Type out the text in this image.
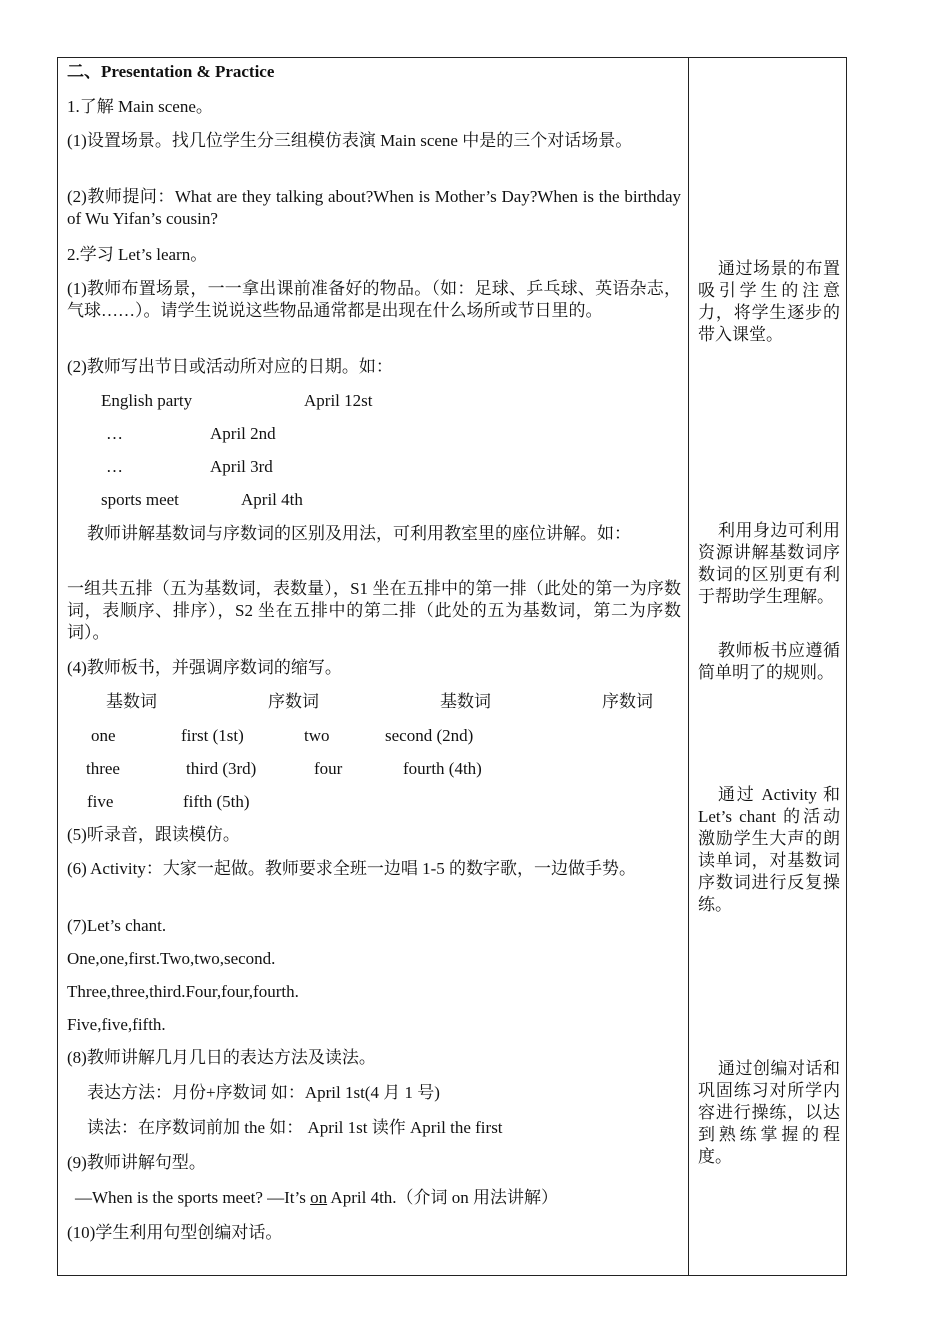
二、Presentation & Practice
1.了解 Main scene。
(1)设置场景。找几位学生分三组模仿表演 Main scene 中是的三个对话场景。
(2)教师提问：What are they talking about?When is Mother’s Day?When is the birthday of Wu Yifan’s cousin?
2.学习 Let’s learn。
(1)教师布置场景，一一拿出课前准备好的物品。（如：足球、乒乓球、英语杂志，气球……）。请学生说说这些物品通常都是出现在什么场所或节日里的。
(2)教师写出节日或活动所对应的日期。如：
English party	April 12st
…	April 2nd
…	April 3rd
sports meet	April 4th
教师讲解基数词与序数词的区别及用法，可利用教室里的座位讲解。如：
一组共五排（五为基数词，表数量），S1 坐在五排中的第一排（此处的第一为序数词，表顺序、排序），S2 坐在五排中的第二排（此处的五为基数词，第二为序数词）。
(4)教师板书，并强调序数词的缩写。
基数词	序数词	基数词	序数词
one	first (1st)	two	second (2nd)
three	third (3rd)	four	fourth (4th)
five	fifth (5th)
(5)听录音，跟读模仿。
(6) Activity：大家一起做。教师要求全班一边唱 1-5 的数字歌，一边做手势。
(7)Let’s chant.
One,one,first.Two,two,second.
Three,three,third.Four,four,fourth.
Five,five,fifth.
(8)教师讲解几月几日的表达方法及读法。
表达方法：月份+序数词 如：April 1st(4 月 1 号)
读法：在序数词前加 the 如： April 1st 读作 April the first
(9)教师讲解句型。
—When is the sports meet? —It’s on April 4th.（介词 on 用法讲解）
(10)学生利用句型创编对话。
通过场景的布置吸引学生的注意力，将学生逐步的带入课堂。
利用身边可利用资源讲解基数词序数词的区别更有利于帮助学生理解。
教师板书应遵循简单明了的规则。
通过 Activity 和 Let’s chant 的活动激励学生大声的朗读单词，对基数词序数词进行反复操练。
通过创编对话和巩固练习对所学内容进行操练，以达到熟练掌握的程度。
